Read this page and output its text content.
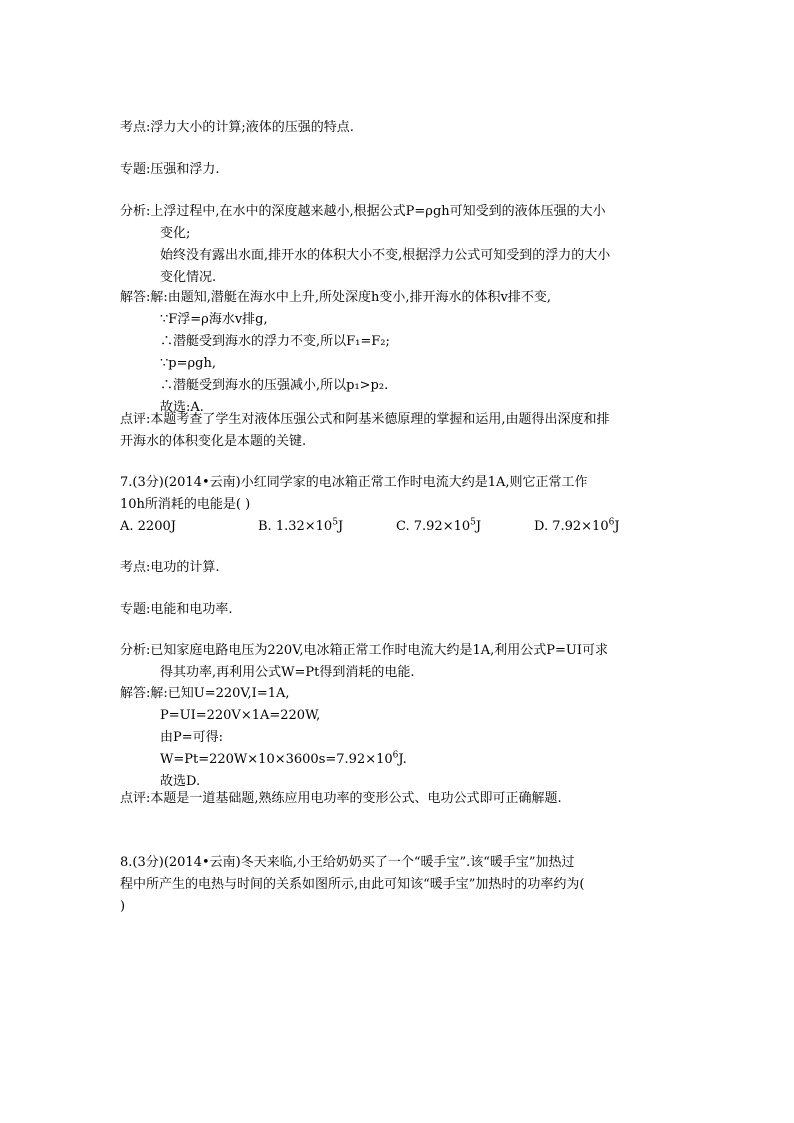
考点: 浮力大小的计算;液体的压强的特点.
专题: 压强和浮力.
分析: 上浮过程中,在水中的深度越来越小,根据公式P=ρgh可知受到的液体压强的大小
变化;
始终没有露出水面,排开水的体积大小不变,根据浮力公式可知受到的浮力的大小
变化情况.
解答: 解:由题知,潜艇在海水中上升,所处深度h变小,排开海水的体积v排不变,
∵F浮=ρ海水v排g,
∴潜艇受到海水的浮力不变,所以F₁=F₂;
∵p=ρgh,
∴潜艇受到海水的压强减小,所以p₁>p₂.
故选:A.
点评: 本题考查了学生对液体压强公式和阿基米德原理的掌握和运用,由题得出深度和排
开海水的体积变化是本题的关键.
7.(3分)(2014•云南)小红同学家的电冰箱正常工作时电流大约是1A,则它正常工作
10h所消耗的电能是( )
A. 2200J	B. $1.32\times 10^5J$	C. $7.92\times 10^5J$	D. $7.92\times 10^6J$
考点: 电功的计算.
专题: 电能和电功率.
分析: 已知家庭电路电压为220V,电冰箱正常工作时电流大约是1A,利用公式P=UI可求
得其功率,再利用公式W=Pt得到消耗的电能.
解答: 解:已知U=220V,I=1A,
P=UI=220V×1A=220W,
由P=可得:
$W=Pt=220W\times 10\times 3600s=7.92\times 10^6J$.
故选D.
点评: 本题是一道基础题,熟练应用电功率的变形公式、电功公式即可正确解题.
8.(3分)(2014•云南)冬天来临,小王给奶奶买了一个“暖手宝”.该“暖手宝”加热过
程中所产生的电热与时间的关系如图所示,由此可知该“暖手宝”加热时的功率约为(
)
